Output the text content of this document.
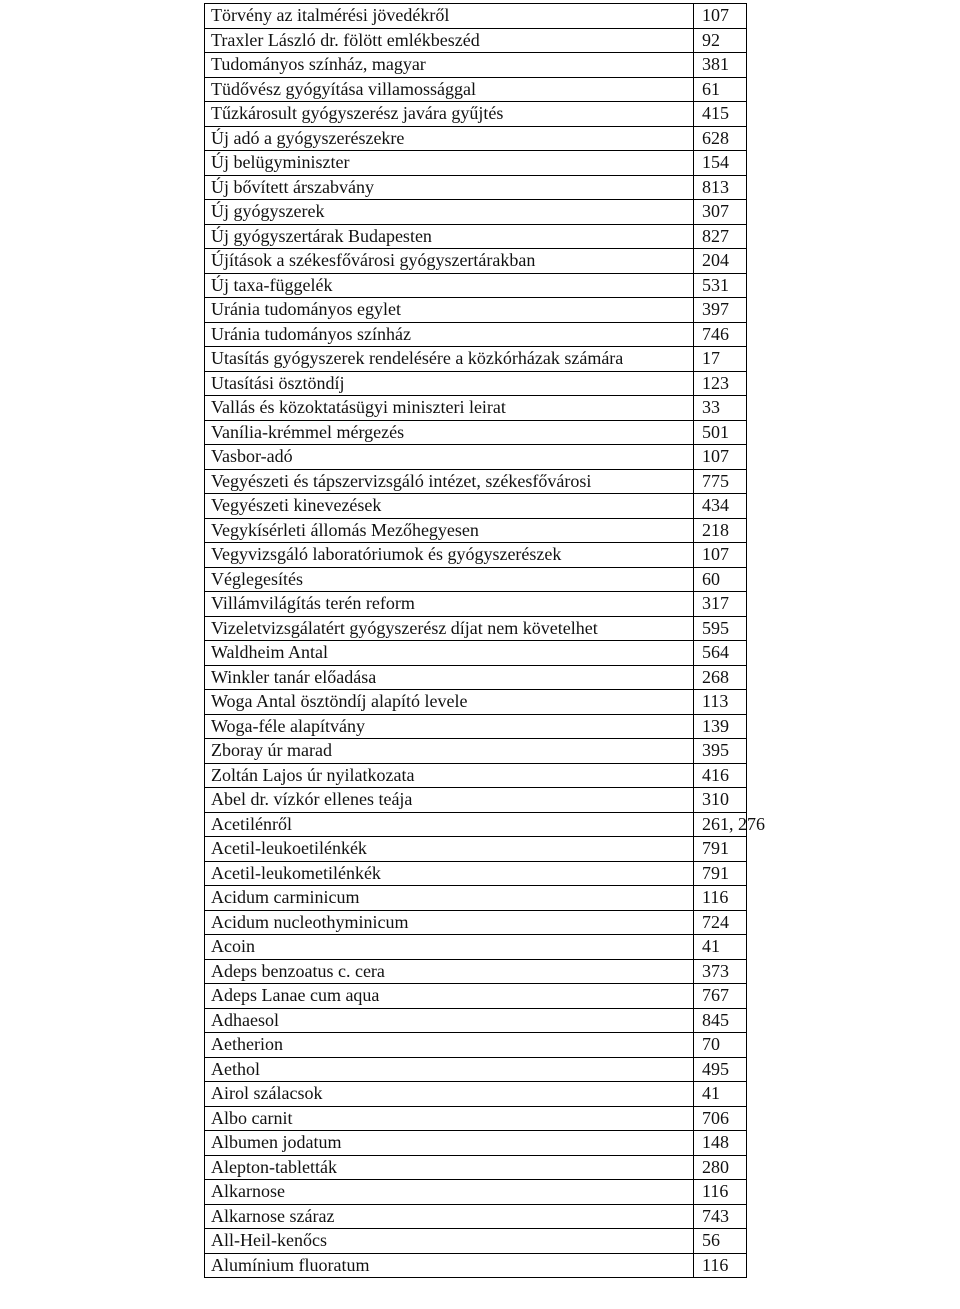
Törvény az italmérési jövedékről	107
Traxler László dr. fölött emlékbeszéd	92
Tudományos színház, magyar	381
Tüdővész gyógyítása villamossággal	61
Tűzkárosult gyógyszerész javára gyűjtés	415
Új adó a gyógyszerészekre	628
Új belügyminiszter	154
Új bővített árszabvány	813
Új gyógyszerek	307
Új gyógyszertárak Budapesten	827
Újítások a székesfővárosi gyógyszertárakban	204
Új taxa-függelék	531
Uránia tudományos egylet	397
Uránia tudományos színház	746
Utasítás gyógyszerek rendelésére a közkórházak számára	17
Utasítási ösztöndíj	123
Vallás és közoktatásügyi miniszteri leirat	33
Vanília-krémmel mérgezés	501
Vasbor-adó	107
Vegyészeti és tápszervizsgáló intézet, székesfővárosi	775
Vegyészeti kinevezések	434
Vegykísérleti állomás Mezőhegyesen	218
Vegyvizsgáló laboratóriumok és gyógyszerészek	107
Véglegesítés	60
Villámvilágítás terén reform	317
Vizeletvizsgálatért gyógyszerész díjat nem követelhet	595
Waldheim Antal	564
Winkler tanár előadása	268
Woga Antal ösztöndíj alapító levele	113
Woga-féle alapítvány	139
Zboray úr marad	395
Zoltán Lajos úr nyilatkozata	416
Abel dr. vízkór ellenes teája	310
Acetilénről	261, 276
Acetil-leukoetilénkék	791
Acetil-leukometilénkék	791
Acidum carminicum	116
Acidum nucleothyminicum	724
Acoin	41
Adeps benzoatus c. cera	373
Adeps Lanae cum aqua	767
Adhaesol	845
Aetherion	70
Aethol	495
Airol szálacsok	41
Albo carnit	706
Albumen jodatum	148
Alepton-tabletták	280
Alkarnose	116
Alkarnose száraz	743
All-Heil-kenőcs	56
Alumínium fluoratum	116
